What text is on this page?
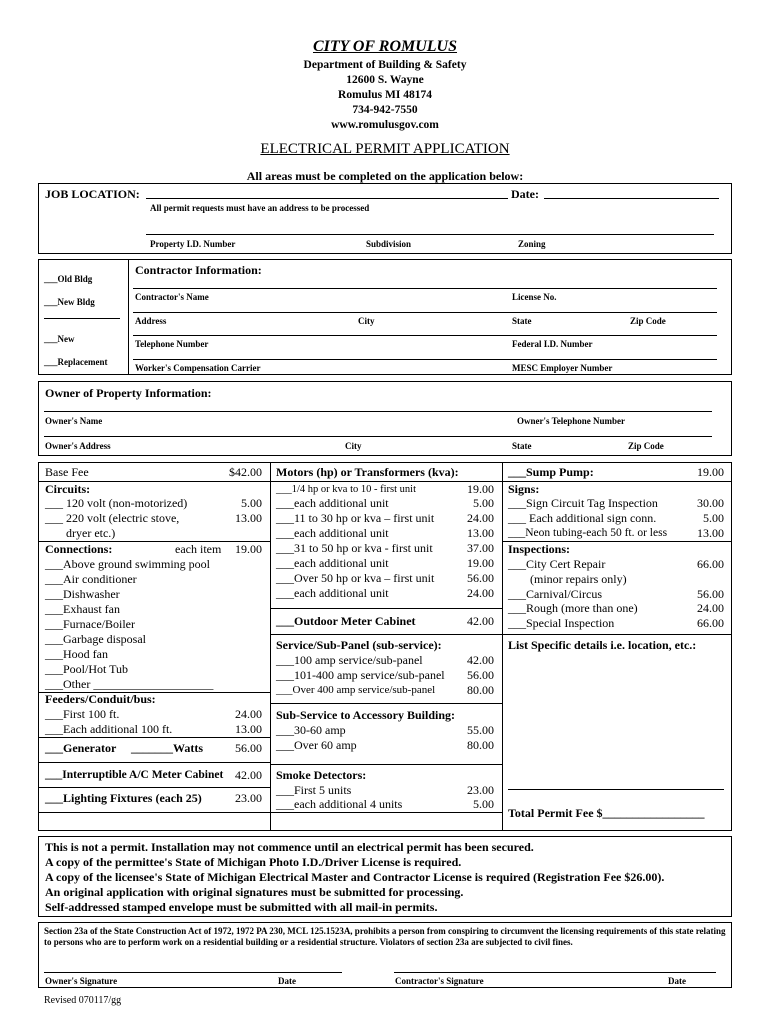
CITY OF ROMULUS
Department of Building & Safety
12600 S. Wayne
Romulus MI 48174
734-942-7550
www.romulusgov.com
ELECTRICAL PERMIT APPLICATION
All areas must be completed on the application below:
JOB LOCATION:	Date:
All permit requests must have an address to be processed
Property I.D. Number	Subdivision	Zoning
___Old Bldg
___New Bldg
___New
___Replacement
Contractor Information:
Contractor's Name	License No.
Address	City	State	Zip Code
Telephone Number	Federal I.D. Number
Worker's Compensation Carrier	MESC Employer Number
Owner of Property Information:
Owner's Name	Owner's Telephone Number
Owner's Address	City	State	Zip Code
Base Fee	$42.00
Circuits:
___ 120 volt (non-motorized)	5.00
___ 220 volt (electric stove,	13.00
dryer etc.)
Connections:	each item	19.00
___Above ground swimming pool
___Air conditioner
___Dishwasher
___Exhaust fan
___Furnace/Boiler
___Garbage disposal
___Hood fan
___Pool/Hot Tub
___Other ____________________
Feeders/Conduit/bus:
___First 100 ft.	24.00
___Each additional 100 ft.	13.00
___Generator _______Watts	56.00
___Interruptible A/C Meter Cabinet 42.00
___Lighting Fixtures (each 25)	23.00
Motors (hp) or Transformers (kva):
___1/4 hp or kva to 10 - first unit	19.00
___each additional unit	5.00
___11 to 30 hp or kva – first unit	24.00
___each additional unit	13.00
___31 to 50 hp or kva - first unit	37.00
___each additional unit	19.00
___Over 50 hp or kva – first unit	56.00
___each additional unit	24.00
___Outdoor Meter Cabinet	42.00
Service/Sub-Panel (sub-service):
___100 amp service/sub-panel	42.00
___101-400 amp service/sub-panel	56.00
___Over 400 amp service/sub-panel	80.00
Sub-Service to Accessory Building:
___30-60 amp	55.00
___Over 60 amp	80.00
Smoke Detectors:
___First 5 units	23.00
___each additional 4 units	5.00
___Sump Pump:	19.00
Signs:
___Sign Circuit Tag Inspection	30.00
___ Each additional sign conn.	5.00
___Neon tubing-each 50 ft. or less	13.00
Inspections:
___City Cert Repair	66.00
(minor repairs only)
___Carnival/Circus	56.00
___Rough (more than one)	24.00
___Special Inspection	66.00
List Specific details i.e. location, etc.:
Total Permit Fee $_________________
This is not a permit. Installation may not commence until an electrical permit has been secured.
A copy of the permittee's State of Michigan Photo I.D./Driver License is required.
A copy of the licensee's State of Michigan Electrical Master and Contractor License is required (Registration Fee $26.00).
An original application with original signatures must be submitted for processing.
Self-addressed stamped envelope must be submitted with all mail-in permits.
Section 23a of the State Construction Act of 1972, 1972 PA 230, MCL 125.1523A, prohibits a person from conspiring to circumvent the licensing requirements of this state relating to persons who are to perform work on a residential building or a residential structure. Violators of section 23a are subjected to civil fines.
Owner's Signature	Date	Contractor's Signature	Date
Revised 070117/gg
